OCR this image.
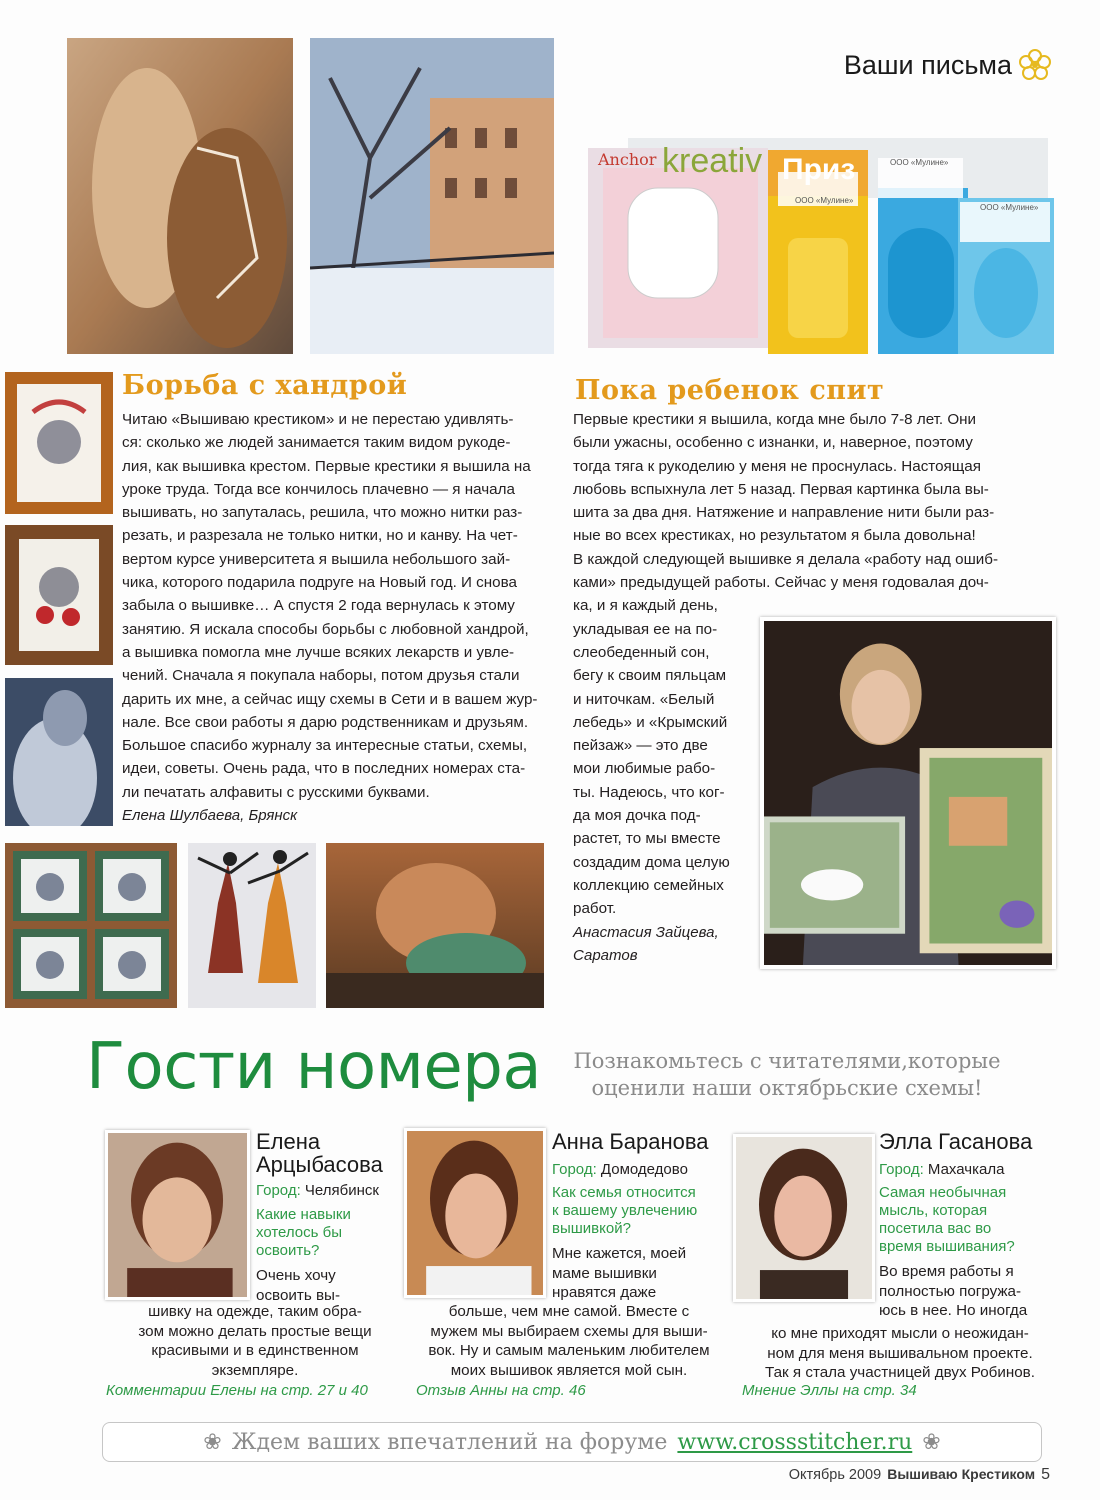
Ваши письма
Anchor kreativ Приз
ООО «Мулине»
ООО «Мулине»
ООО «Мулине»
Борьба с хандрой
Читаю «Вышиваю крестиком» и не перестаю удивлять-
ся: сколько же людей занимается таким видом рукоде-
лия, как вышивка крестом. Первые крестики я вышила на
уроке труда. Тогда все кончилось плачевно — я начала
вышивать, но запуталась, решила, что можно нитки раз-
резать, и разрезала не только нитки, но и канву. На чет-
вертом курсе университета я вышила небольшого зай-
чика, которого подарила подруге на Новый год. И снова
забыла о вышивке… А спустя 2 года вернулась к этому
занятию. Я искала способы борьбы с любовной хандрой,
а вышивка помогла мне лучше всяких лекарств и увле-
чений. Сначала я покупала наборы, потом друзья стали
дарить их мне, а сейчас ищу схемы в Сети и в вашем жур-
нале. Все свои работы я дарю родственникам и друзьям.
Большое спасибо журналу за интересные статьи, схемы,
идеи, советы. Очень рада, что в последних номерах ста-
ли печатать алфавиты с русскими буквами.
Елена Шулбаева, Брянск
Пока ребенок спит
Первые крестики я вышила, когда мне было 7-8 лет. Они
были ужасны, особенно с изнанки, и, наверное, поэтому
тогда тяга к рукоделию у меня не проснулась. Настоящая
любовь вспыхнула лет 5 назад. Первая картинка была вы-
шита за два дня. Натяжение и направление нити были раз-
ные во всех крестиках, но результатом я была довольна!
В каждой следующей вышивке я делала «работу над ошиб-
ками» предыдущей работы. Сейчас у меня годовалая доч-
ка, и я каждый день,
укладывая ее на по-
слеобеденный сон,
бегу к своим пяльцам
и ниточкам. «Белый
лебедь» и «Крымский
пейзаж» — это две
мои любимые рабо-
ты. Надеюсь, что ког-
да моя дочка под-
растет, то мы вместе
создадим дома целую
коллекцию семейных
работ.
Анастасия Зайцева,
Саратов
Гости номера	Познакомьтесь с читателями,которые
оценили наши октябрьские схемы!
Елена
Арцыбасова
Город: Челябинск
Какие навыки
хотелось бы
освоить?
Очень хочу
освоить вы-
шивку на одежде, таким обра-
зом можно делать простые вещи
красивыми и в единственном
экземпляре.
Комментарии Елены на стр. 27 и 40
Анна Баранова
Город: Домодедово
Как семья относится
к вашему увлечению
вышивкой?
Мне кажется, моей
маме вышивки
нравятся даже
больше, чем мне самой. Вместе с
мужем мы выбираем схемы для выши-
вок. Ну и самым маленьким любителем
моих вышивок является мой сын.
Отзыв Анны на стр. 46
Элла Гасанова
Город: Махачкала
Самая необычная
мысль, которая
посетила вас во
время вышивания?
Во время работы я
полностью погружа-
юсь в нее. Но иногда
ко мне приходят мысли о неожидан-
ном для меня вышивальном проекте.
Так я стала участницей двух Робинов.
Мнение Эллы на стр. 34
❀ Ждем ваших впечатлений на форуме www.crossstitcher.ru ❀
Октябрь 2009 Вышиваю Крестиком 5
